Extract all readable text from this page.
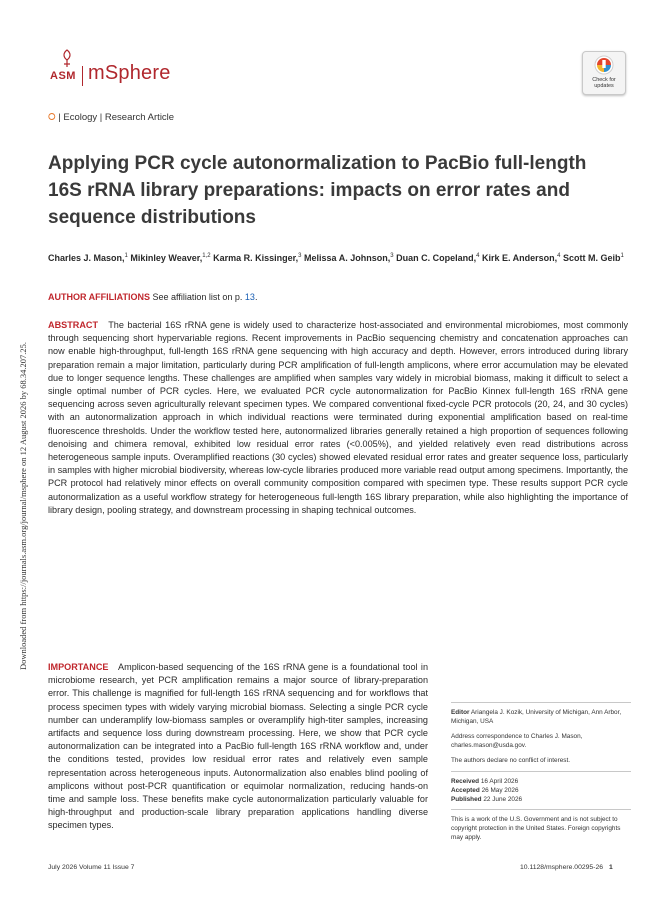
Downloaded from https://journals.asm.org/journal/msphere on 12 August 2026 by 68.34.207.25.
ASM mSphere	Check for updates
⭘ | Ecology | Research Article
Applying PCR cycle autonormalization to PacBio full-length 16S rRNA library preparations: impacts on error rates and sequence distributions
Charles J. Mason,$^1$ Mikinley Weaver,$^{1,2}$ Karma R. Kissinger,$^3$ Melissa A. Johnson,$^3$ Duan C. Copeland,$^4$ Kirk E. Anderson,$^4$ Scott M. Geib$^1$
AUTHOR AFFILIATIONS See affiliation list on p. 13.
ABSTRACT The bacterial 16S rRNA gene is widely used to characterize host-associated and environmental microbiomes, most commonly through sequencing short hypervariable regions. Recent improvements in PacBio sequencing chemistry and concatenation approaches can now enable high-throughput, full-length 16S rRNA gene sequencing with high accuracy and depth. However, errors introduced during library preparation remain a major limitation, particularly during PCR amplification of full-length amplicons, where error accumulation may be elevated due to longer sequence lengths. These challenges are amplified when samples vary widely in microbial biomass, making it difficult to select a single optimal number of PCR cycles. Here, we evaluated PCR cycle autonormalization for PacBio Kinnex full-length 16S rRNA gene sequencing across seven agriculturally relevant specimen types. We compared conventional fixed-cycle PCR protocols (20, 24, and 30 cycles) with an autonormalization approach in which individual reactions were terminated during exponential amplification based on real-time fluorescence thresholds. Under the workflow tested here, autonormalized libraries generally retained a high proportion of sequences following denoising and chimera removal, exhibited low residual error rates (<0.005%), and yielded relatively even read distributions across heterogeneous sample inputs. Overamplified reactions (30 cycles) showed elevated residual error rates and greater sequence loss, particularly in samples with higher microbial biodiversity, whereas low-cycle libraries produced more variable read output among specimens. Importantly, the PCR protocol had relatively minor effects on overall community composition compared with specimen type. These results support PCR cycle autonormalization as a useful workflow strategy for heterogeneous full-length 16S library preparation, while also highlighting the importance of library design, pooling strategy, and downstream processing in shaping technical outcomes.
IMPORTANCE Amplicon-based sequencing of the 16S rRNA gene is a foundational tool in microbiome research, yet PCR amplification remains a major source of library-preparation error. This challenge is magnified for full-length 16S rRNA sequencing and for workflows that process specimen types with widely varying microbial biomass. Selecting a single PCR cycle number can underamplify low-biomass samples or overamplify high-titer samples, increasing artifacts and sequence loss during downstream processing. Here, we show that PCR cycle autonormalization can be integrated into a PacBio full-length 16S rRNA workflow and, under the conditions tested, provides low residual error rates and relatively even sample representation across heterogeneous inputs. Autonormalization also enables blind pooling of amplicons without post-PCR quantification or equimolar normalization, reducing hands-on time and sample loss. These benefits make cycle autonormalization particularly valuable for high-throughput and production-scale library preparation applications handling diverse specimen types.

Editor Ariangela J. Kozik, University of Michigan, Ann Arbor, Michigan, USA

Address correspondence to Charles J. Mason, charles.mason@usda.gov.

The authors declare no conflict of interest.

Received 16 April 2026
Accepted 26 May 2026
Published 22 June 2026

This is a work of the U.S. Government and is not subject to copyright protection in the United States. Foreign copyrights may apply.

July 2026 Volume 11 Issue 7	10.1128/msphere.00295-26 1
